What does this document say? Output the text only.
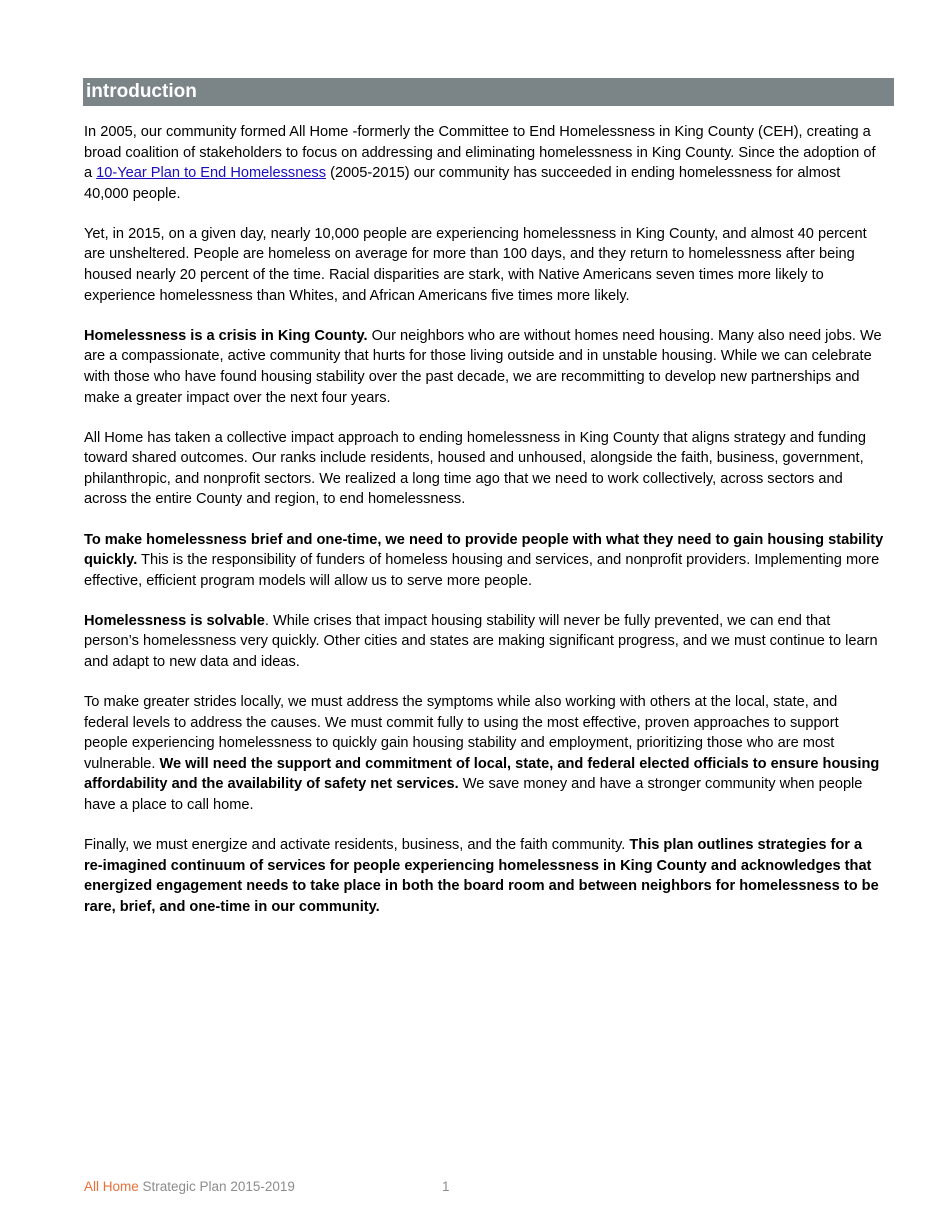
introduction

In 2005, our community formed All Home -formerly the Committee to End Homelessness in King County (CEH), creating a broad coalition of stakeholders to focus on addressing and eliminating homelessness in King County. Since the adoption of a 10-Year Plan to End Homelessness (2005-2015) our community has succeeded in ending homelessness for almost 40,000 people.

Yet, in 2015, on a given day, nearly 10,000 people are experiencing homelessness in King County, and almost 40 percent are unsheltered. People are homeless on average for more than 100 days, and they return to homelessness after being housed nearly 20 percent of the time. Racial disparities are stark, with Native Americans seven times more likely to experience homelessness than Whites, and African Americans five times more likely.

Homelessness is a crisis in King County. Our neighbors who are without homes need housing. Many also need jobs. We are a compassionate, active community that hurts for those living outside and in unstable housing. While we can celebrate with those who have found housing stability over the past decade, we are recommitting to develop new partnerships and make a greater impact over the next four years.

All Home has taken a collective impact approach to ending homelessness in King County that aligns strategy and funding toward shared outcomes. Our ranks include residents, housed and unhoused, alongside the faith, business, government, philanthropic, and nonprofit sectors. We realized a long time ago that we need to work collectively, across sectors and across the entire County and region, to end homelessness.

To make homelessness brief and one-time, we need to provide people with what they need to gain housing stability quickly. This is the responsibility of funders of homeless housing and services, and nonprofit providers. Implementing more effective, efficient program models will allow us to serve more people.

Homelessness is solvable. While crises that impact housing stability will never be fully prevented, we can end that person’s homelessness very quickly. Other cities and states are making significant progress, and we must continue to learn and adapt to new data and ideas.

To make greater strides locally, we must address the symptoms while also working with others at the local, state, and federal levels to address the causes. We must commit fully to using the most effective, proven approaches to support people experiencing homelessness to quickly gain housing stability and employment, prioritizing those who are most vulnerable. We will need the support and commitment of local, state, and federal elected officials to ensure housing affordability and the availability of safety net services. We save money and have a stronger community when people have a place to call home.

Finally, we must energize and activate residents, business, and the faith community. This plan outlines strategies for a re-imagined continuum of services for people experiencing homelessness in King County and acknowledges that energized engagement needs to take place in both the board room and between neighbors for homelessness to be rare, brief, and one-time in our community.

All Home Strategic Plan 2015-2019	1
